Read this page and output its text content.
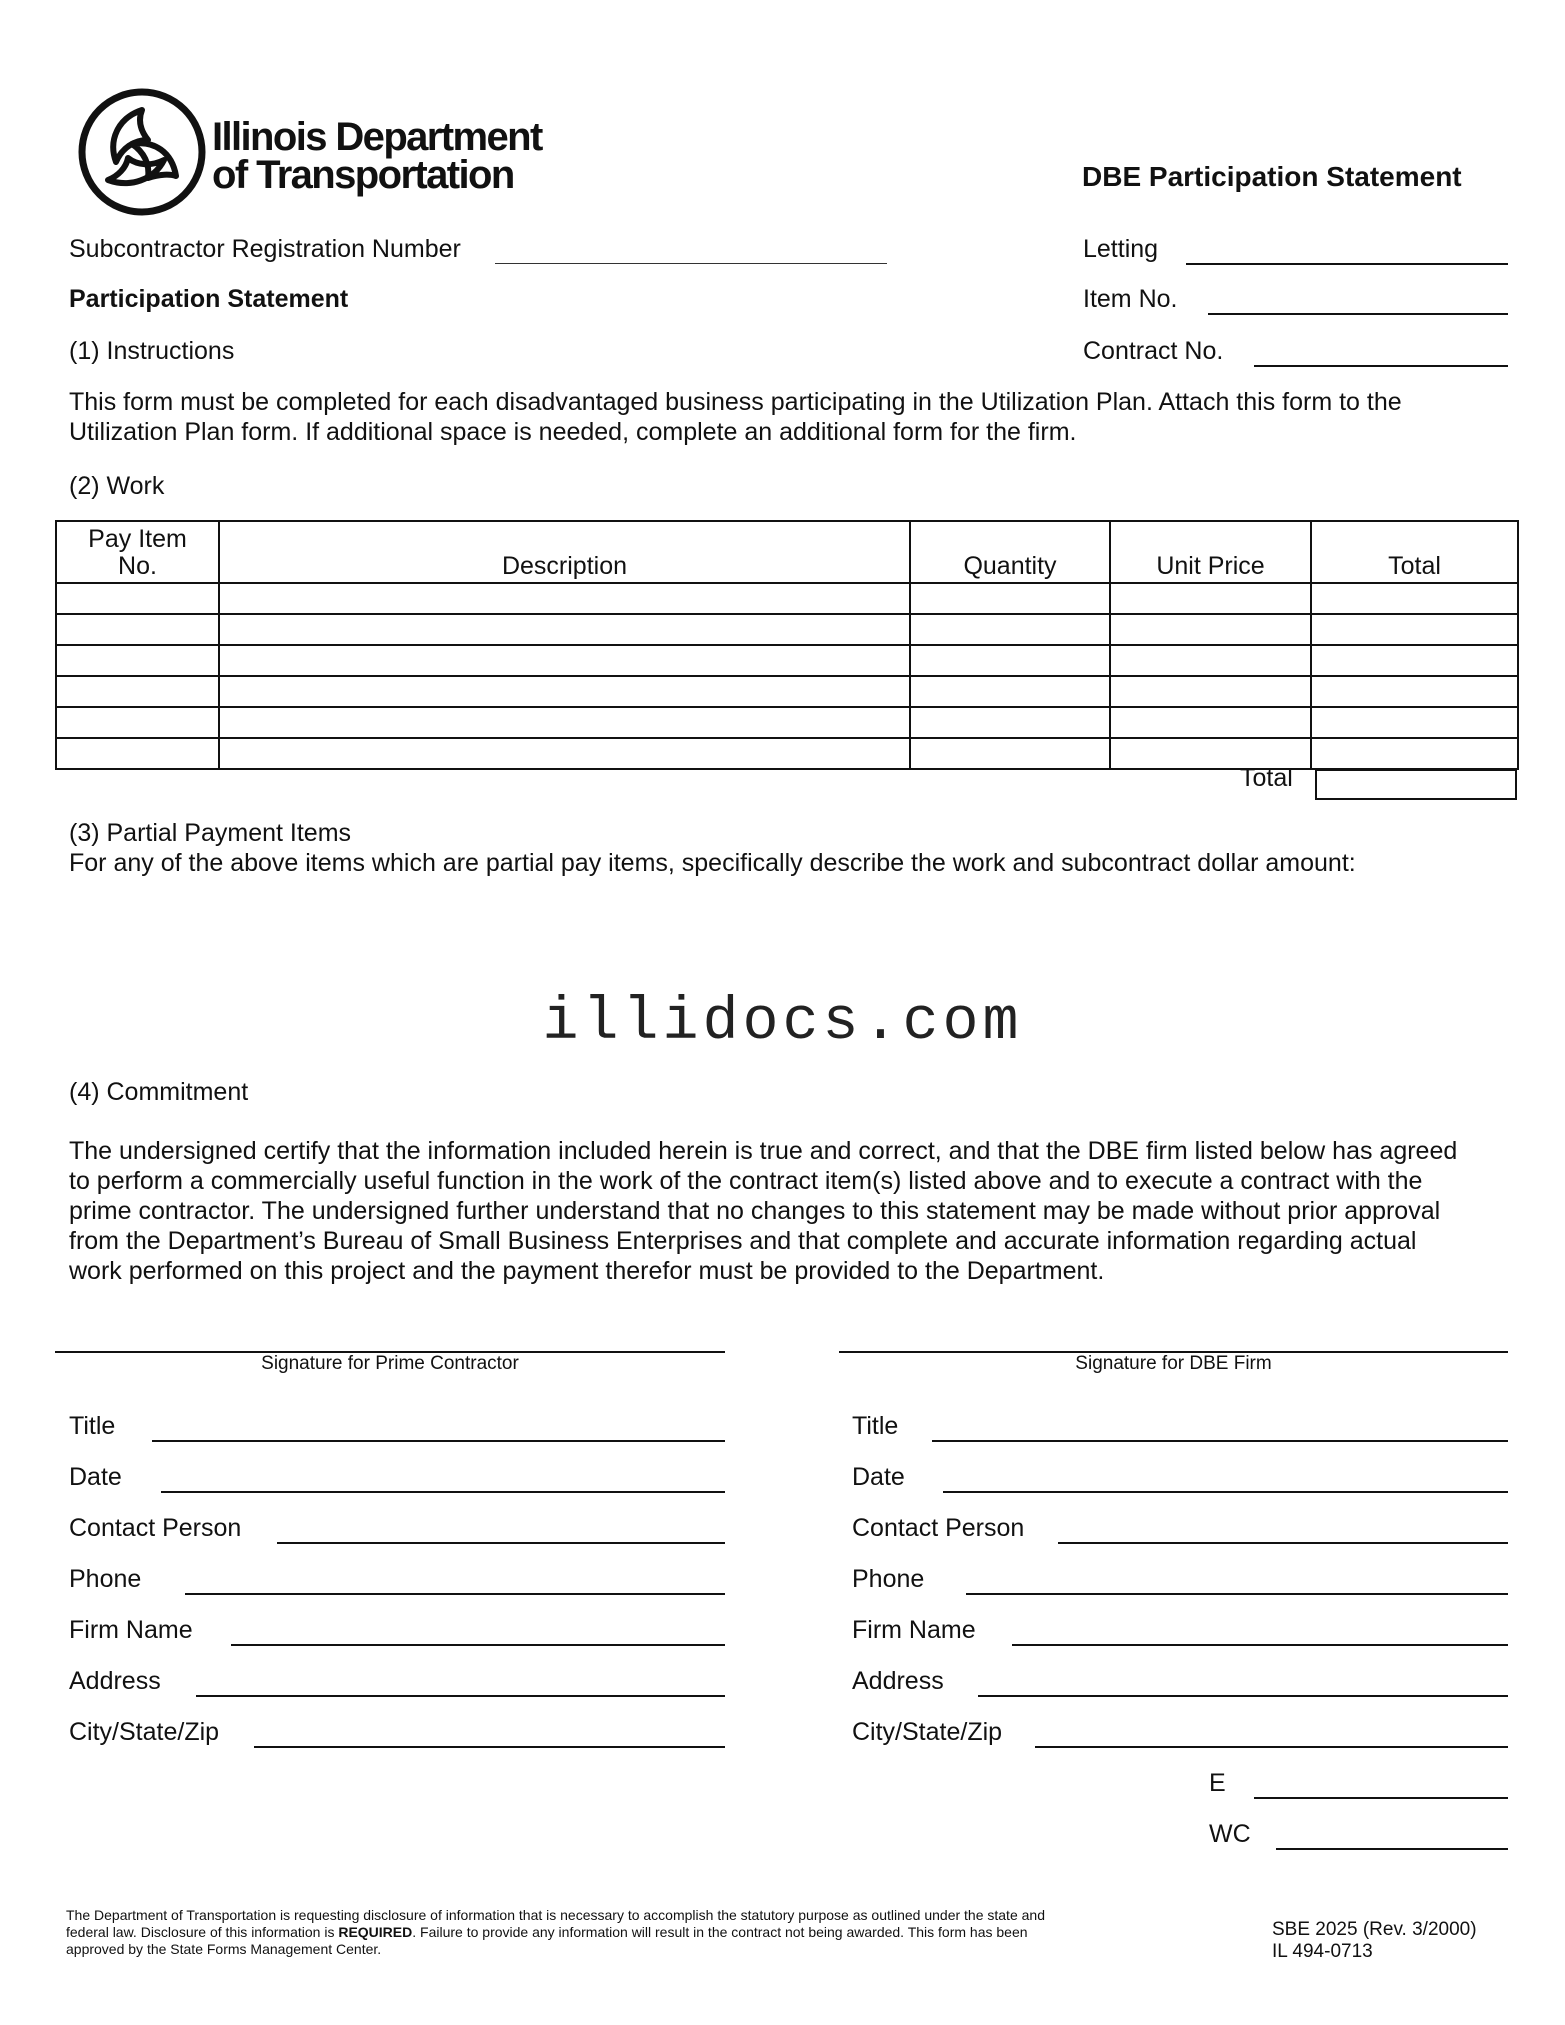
Illinois Department
of Transportation	DBE Participation Statement
Subcontractor Registration Number	Letting
Participation Statement	Item No.
(1) Instructions	Contract No.
This form must be completed for each disadvantaged business participating in the Utilization Plan. Attach this form to the
Utilization Plan form. If additional space is needed, complete an additional form for the firm.
(2) Work
Pay Item
No.	Description	Quantity	Unit Price	Total

Total
(3) Partial Payment Items
For any of the above items which are partial pay items, specifically describe the work and subcontract dollar amount:
illidocs.com
(4) Commitment
The undersigned certify that the information included herein is true and correct, and that the DBE firm listed below has agreed
to perform a commercially useful function in the work of the contract item(s) listed above and to execute a contract with the
prime contractor. The undersigned further understand that no changes to this statement may be made without prior approval
from the Department’s Bureau of Small Business Enterprises and that complete and accurate information regarding actual
work performed on this project and the payment therefor must be provided to the Department.
Signature for Prime Contractor	Signature for DBE Firm
Title
Date
Contact Person
Phone
Firm Name
Address
City/State/Zip
Title
Date
Contact Person
Phone
Firm Name
Address
City/State/Zip
E
WC
The Department of Transportation is requesting disclosure of information that is necessary to accomplish the statutory purpose as outlined under the state and
federal law. Disclosure of this information is REQUIRED. Failure to provide any information will result in the contract not being awarded. This form has been
approved by the State Forms Management Center.
SBE 2025 (Rev. 3/2000)
IL 494-0713
